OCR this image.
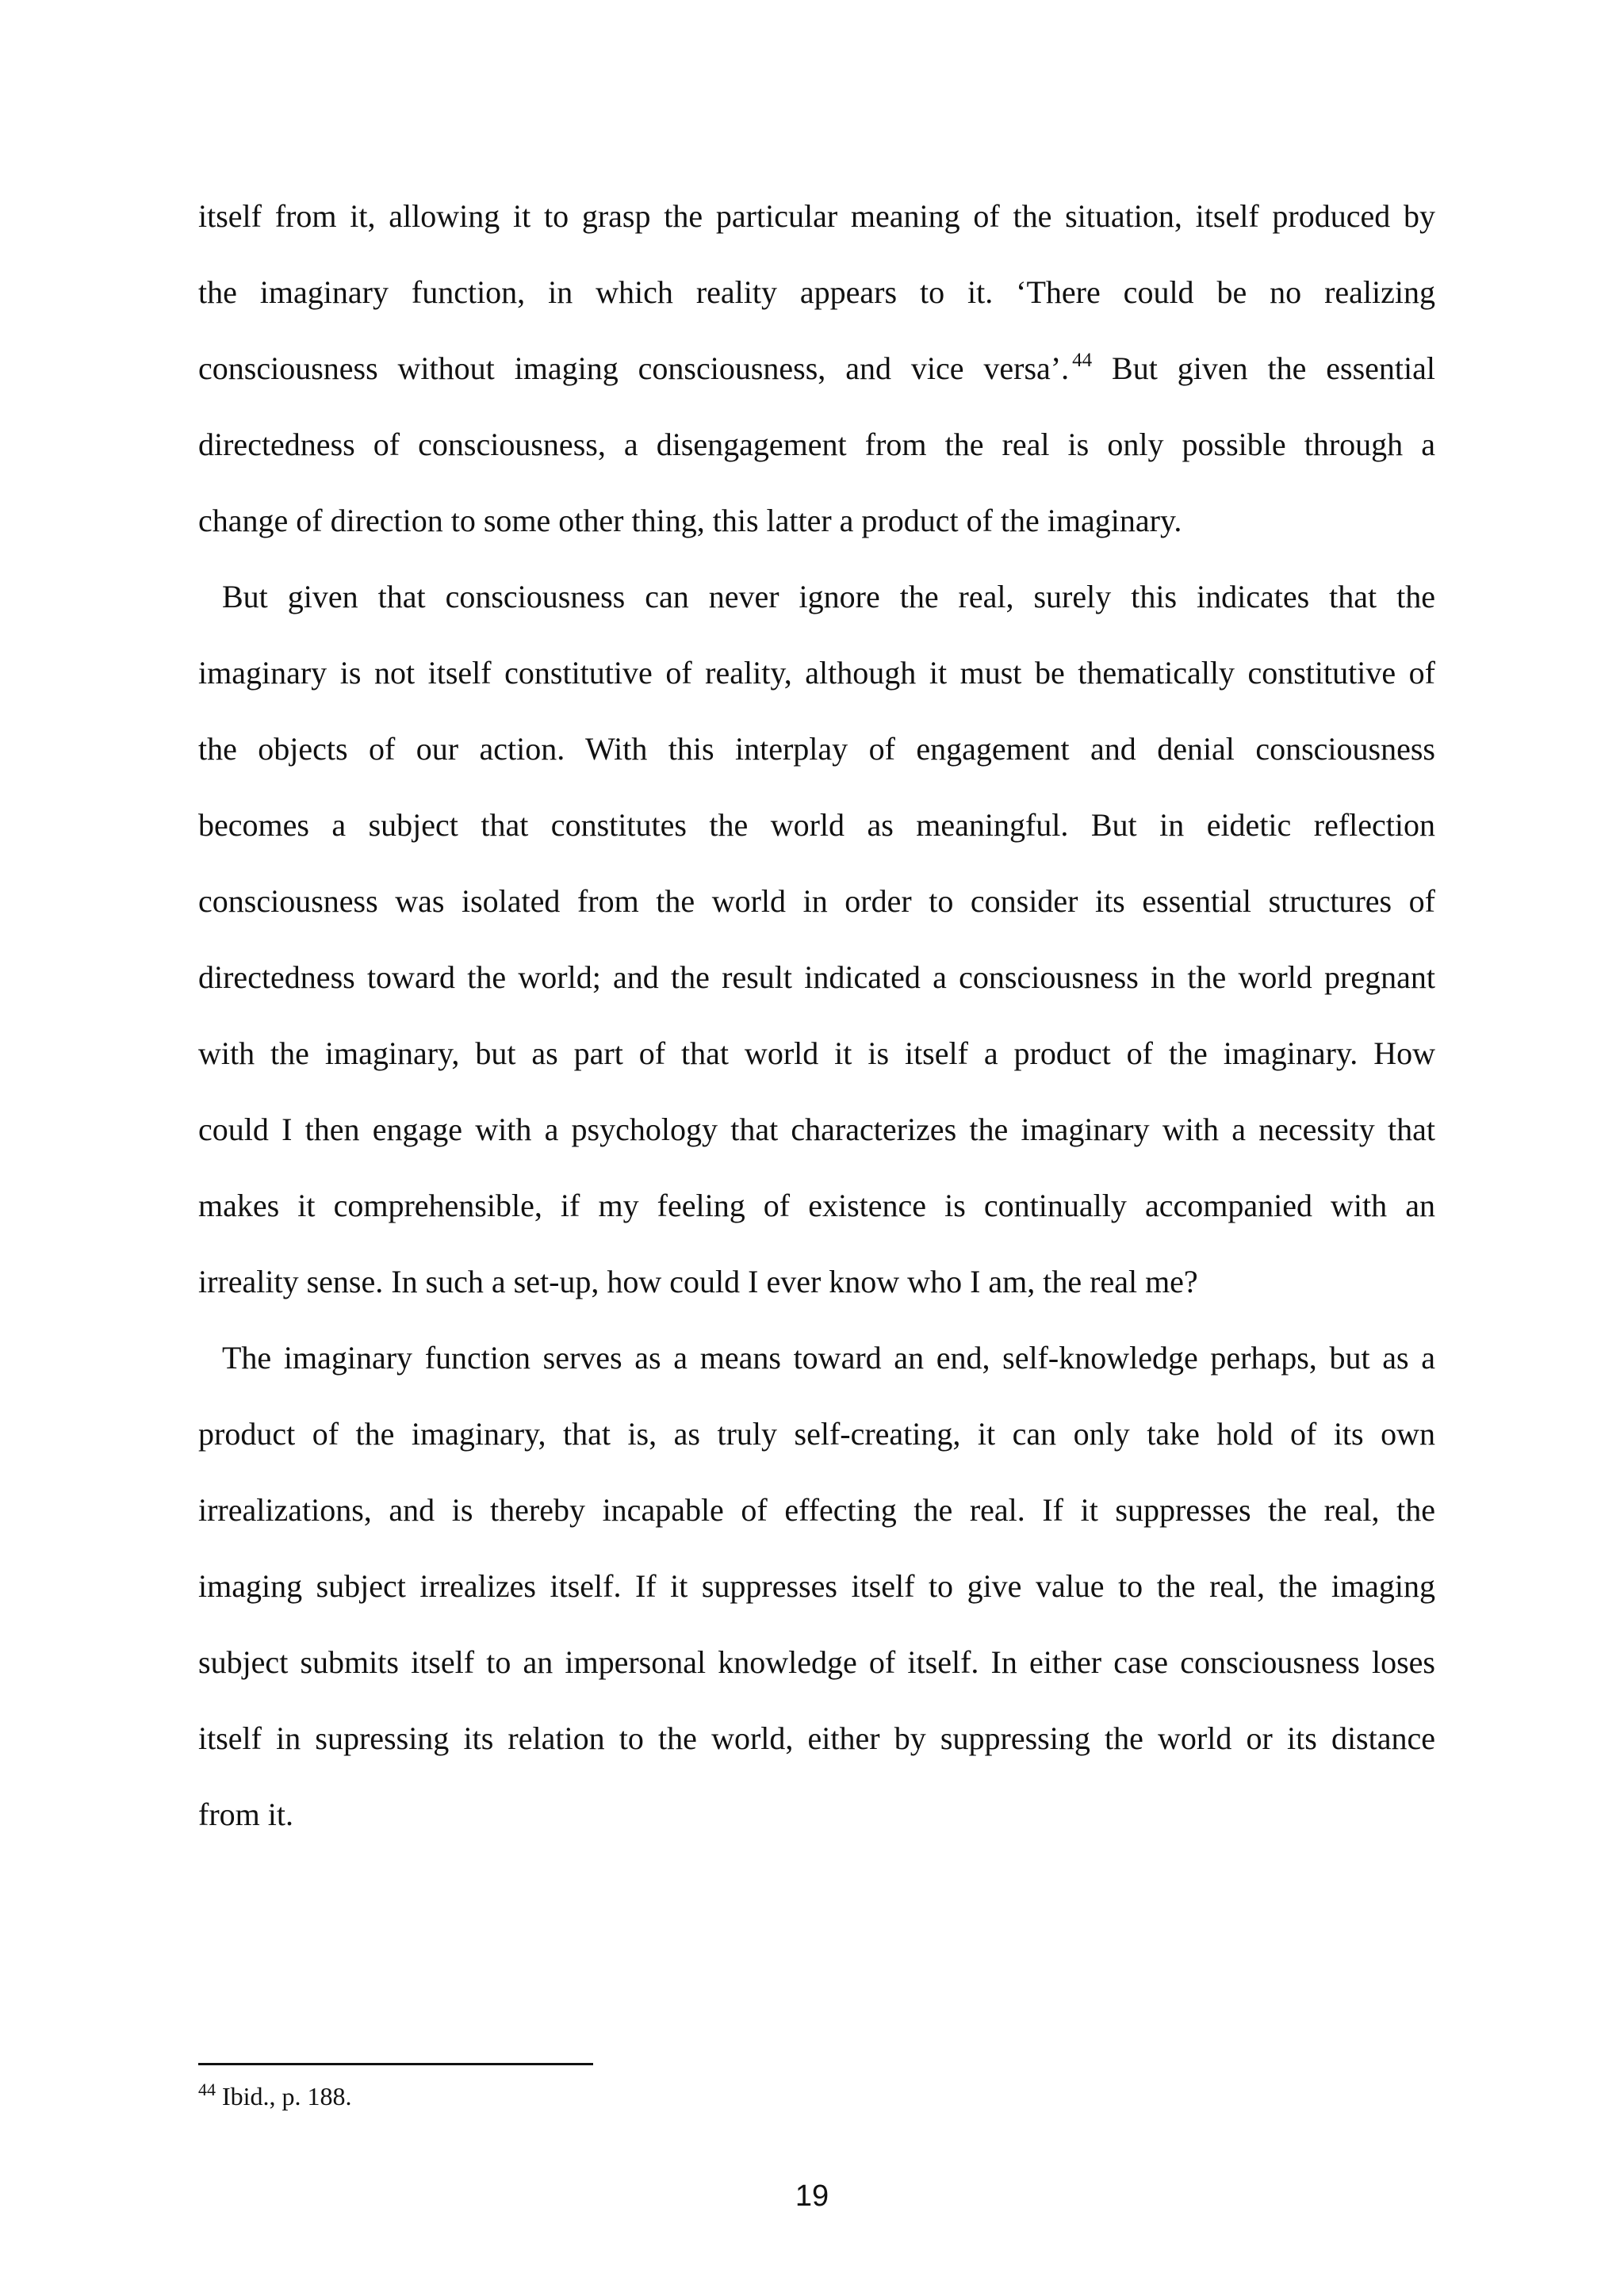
itself from it, allowing it to grasp the particular meaning of the situation, itself produced by
the imaginary function, in which reality appears to it. ‘There could be no realizing
consciousness without imaging consciousness, and vice versa’. $^{44}$ But given the essential
directedness of consciousness, a disengagement from the real is only possible through a
change of direction to some other thing, this latter a product of the imaginary.
But given that consciousness can never ignore the real, surely this indicates that the
imaginary is not itself constitutive of reality, although it must be thematically constitutive of
the objects of our action. With this interplay of engagement and denial consciousness
becomes a subject that constitutes the world as meaningful. But in eidetic reflection
consciousness was isolated from the world in order to consider its essential structures of
directedness toward the world; and the result indicated a consciousness in the world pregnant
with the imaginary, but as part of that world it is itself a product of the imaginary. How
could I then engage with a psychology that characterizes the imaginary with a necessity that
makes it comprehensible, if my feeling of existence is continually accompanied with an
irreality sense. In such a set-up, how could I ever know who I am, the real me?
The imaginary function serves as a means toward an end, self-knowledge perhaps, but as a
product of the imaginary, that is, as truly self-creating, it can only take hold of its own
irrealizations, and is thereby incapable of effecting the real. If it suppresses the real, the
imaging subject irrealizes itself. If it suppresses itself to give value to the real, the imaging
subject submits itself to an impersonal knowledge of itself. In either case consciousness loses
itself in supressing its relation to the world, either by suppressing the world or its distance
from it.
$^{44}$ Ibid., p. 188.
19
